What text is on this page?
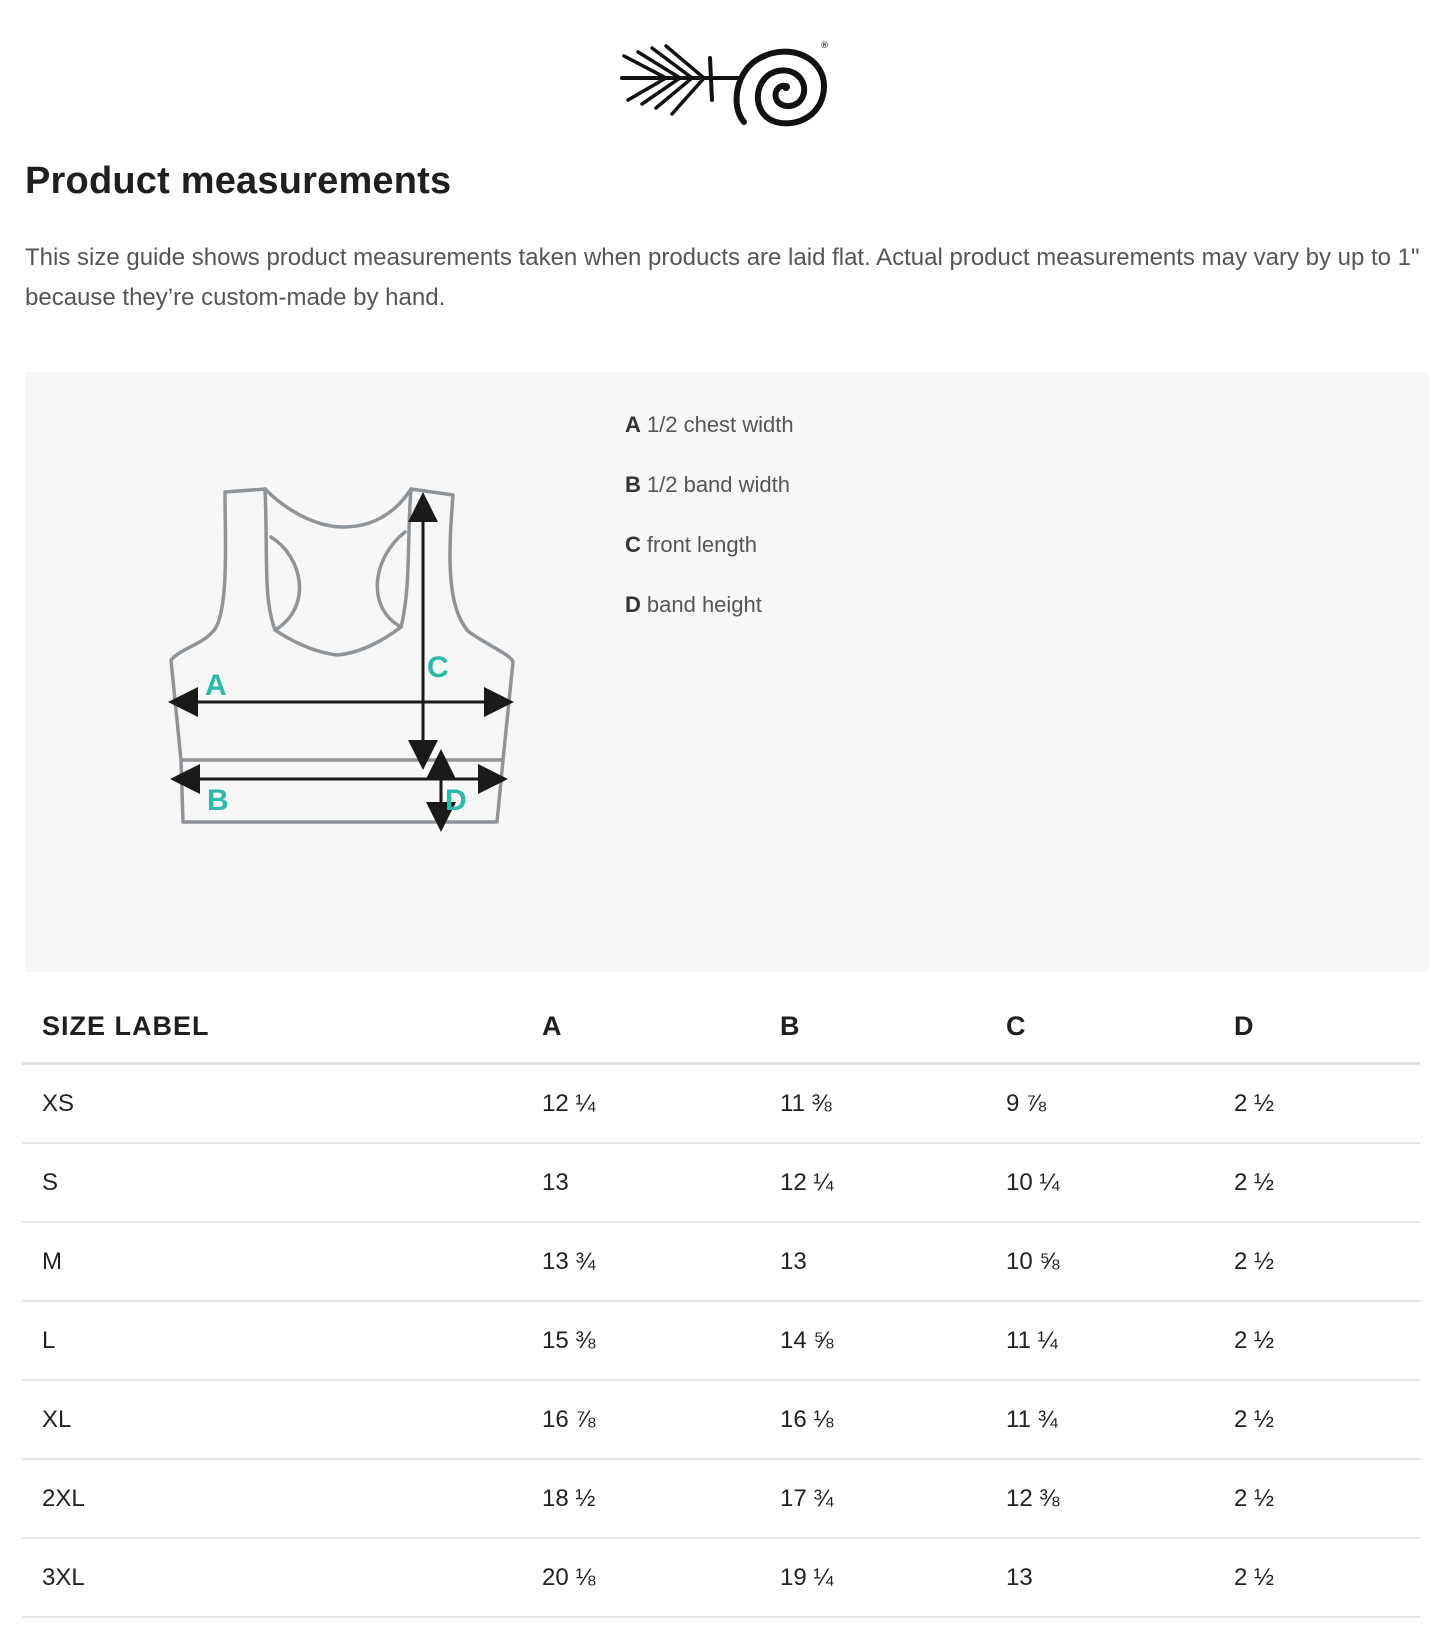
®
Product measurements

This size guide shows product measurements taken when products are laid flat. Actual product measurements may vary by up to 1" because they’re custom-made by hand.

A
C
B	D
A 1/2 chest width
B 1/2 band width
C front length
D band height
SIZE LABEL	A	B	C	D
XS	12 ¼	11 ⅜	9 ⅞	2 ½
S	13	12 ¼	10 ¼	2 ½
M	13 ¾	13	10 ⅝	2 ½
L	15 ⅜	14 ⅝	11 ¼	2 ½
XL	16 ⅞	16 ⅛	11 ¾	2 ½
2XL	18 ½	17 ¾	12 ⅜	2 ½
3XL	20 ⅛	19 ¼	13	2 ½
